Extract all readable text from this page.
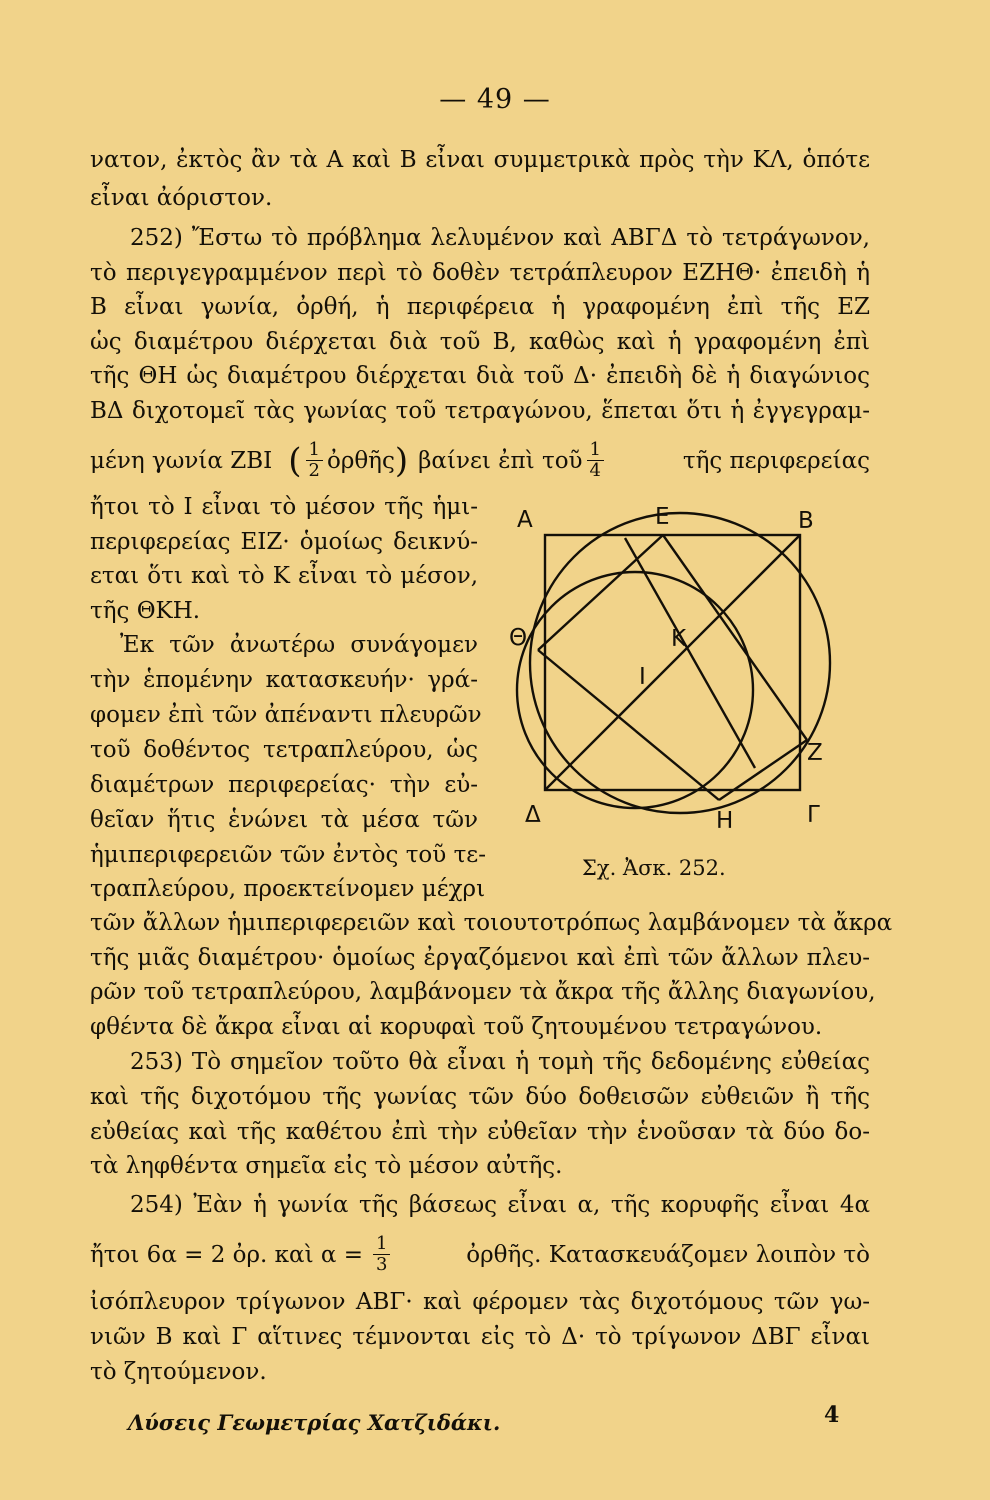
— 49 —
νατον, ἐκτὸς ἂν τὰ Α καὶ Β εἶναι συμμετρικὰ πρὸς τὴν ΚΛ, ὁπότε
εἶναι ἀόριστον.
252) Ἔστω τὸ πρόβλημα λελυμένον καὶ ΑΒΓΔ τὸ τετράγωνον,
τὸ περιγεγραμμένον περὶ τὸ δοθὲν τετράπλευρον ΕΖΗΘ· ἐπειδὴ ἡ
Β εἶναι γωνία, ὀρθή, ἡ περιφέρεια ἡ γραφομένη ἐπὶ τῆς ΕΖ
ὡς διαμέτρου διέρχεται διὰ τοῦ Β, καθὼς καὶ ἡ γραφομένη ἐπὶ
τῆς ΘΗ ὡς διαμέτρου διέρχεται διὰ τοῦ Δ· ἐπειδὴ δὲ ἡ διαγώνιος
ΒΔ διχοτομεῖ τὰς γωνίας τοῦ τετραγώνου, ἕπεται ὅτι ἡ ἐγγεγραμ-
μένη γωνία ΖΒΙ ( $\frac{1}{2}$ ὀρθῆς ) βαίνει ἐπὶ τοῦ $\frac{1}{4}$	τῆς περιφερείας
ἤτοι τὸ Ι εἶναι τὸ μέσον τῆς ἡμι-
περιφερείας ΕΙΖ· ὁμοίως δεικνύ-
εται ὅτι καὶ τὸ Κ εἶναι τὸ μέσον,
τῆς ΘΚΗ.
Ἐκ τῶν ἀνωτέρω συνάγομεν
τὴν ἑπομένην κατασκευήν· γρά-
φομεν ἐπὶ τῶν ἀπέναντι πλευρῶν
τοῦ δοθέντος τετραπλεύρου, ὡς
διαμέτρων περιφερείας· τὴν εὐ-
θεῖαν ἥτις ἑνώνει τὰ μέσα τῶν
ἡμιπεριφερειῶν τῶν ἐντὸς τοῦ τε-
τραπλεύρου, προεκτείνομεν μέχρι
Α	Ε	Β
Θ	Κ
Ι
Ζ
Δ	Η	Γ
Σχ. Ἀσκ. 252.
τῶν ἄλλων ἡμιπεριφερειῶν καὶ τοιουτοτρόπως λαμβάνομεν τὰ ἄκρα
τῆς μιᾶς διαμέτρου· ὁμοίως ἐργαζόμενοι καὶ ἐπὶ τῶν ἄλλων πλευ-
ρῶν τοῦ τετραπλεύρου, λαμβάνομεν τὰ ἄκρα τῆς ἄλλης διαγωνίου,
φθέντα δὲ ἄκρα εἶναι αἱ κορυφαὶ τοῦ ζητουμένου τετραγώνου.
253) Τὸ σημεῖον τοῦτο θὰ εἶναι ἡ τομὴ τῆς δεδομένης εὐθείας
καὶ τῆς διχοτόμου τῆς γωνίας τῶν δύο δοθεισῶν εὐθειῶν ἢ τῆς
εὐθείας καὶ τῆς καθέτου ἐπὶ τὴν εὐθεῖαν τὴν ἑνοῦσαν τὰ δύο δο-
τὰ ληφθέντα σημεῖα εἰς τὸ μέσον αὐτῆς.
254) Ἐὰν ἡ γωνία τῆς βάσεως εἶναι α, τῆς κορυφῆς εἶναι 4α
ἤτοι 6α = 2 ὀρ. καὶ $\alpha = \frac{1}{3}$	ὀρθῆς. Κατασκευάζομεν λοιπὸν τὸ
ἰσόπλευρον τρίγωνον ΑΒΓ· καὶ φέρομεν τὰς διχοτόμους τῶν γω-
νιῶν Β καὶ Γ αἵτινες τέμνονται εἰς τὸ Δ· τὸ τρίγωνον ΔΒΓ εἶναι
τὸ ζητούμενον.
Λύσεις Γεωμετρίας Χατζιδάκι.	4
